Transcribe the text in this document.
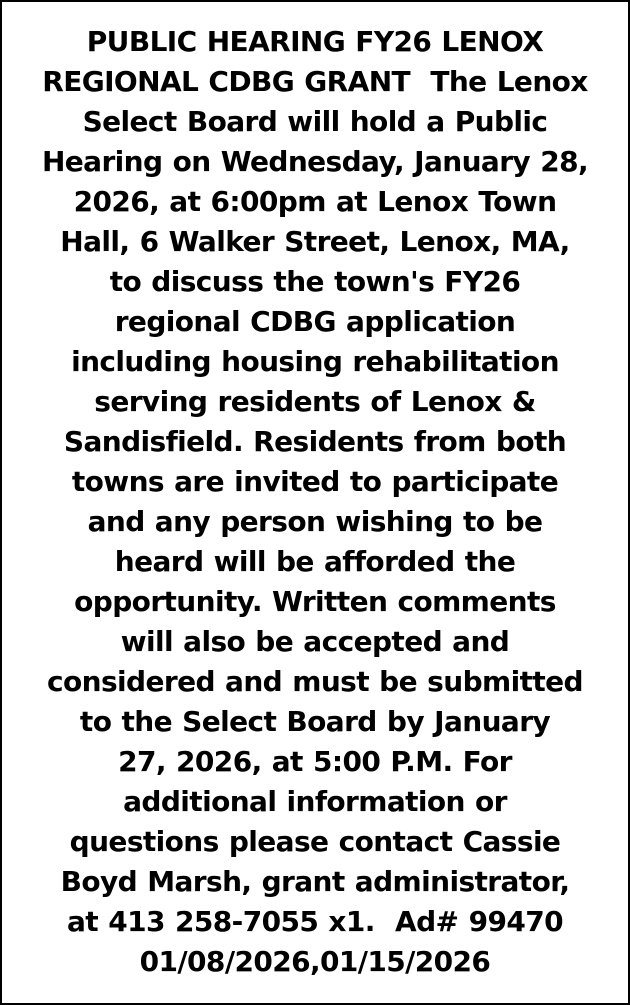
PUBLIC HEARING FY26 LENOX
REGIONAL CDBG GRANT  The Lenox
Select Board will hold a Public
Hearing on Wednesday, January 28,
2026, at 6:00pm at Lenox Town
Hall, 6 Walker Street, Lenox, MA,
to discuss the town's FY26
regional CDBG application
including housing rehabilitation
serving residents of Lenox &
Sandisfield. Residents from both
towns are invited to participate
and any person wishing to be
heard will be afforded the
opportunity. Written comments
will also be accepted and
considered and must be submitted
to the Select Board by January
27, 2026, at 5:00 P.M. For
additional information or
questions please contact Cassie
Boyd Marsh, grant administrator,
at 413 258-7055 x1.  Ad# 99470
01/08/2026,01/15/2026
